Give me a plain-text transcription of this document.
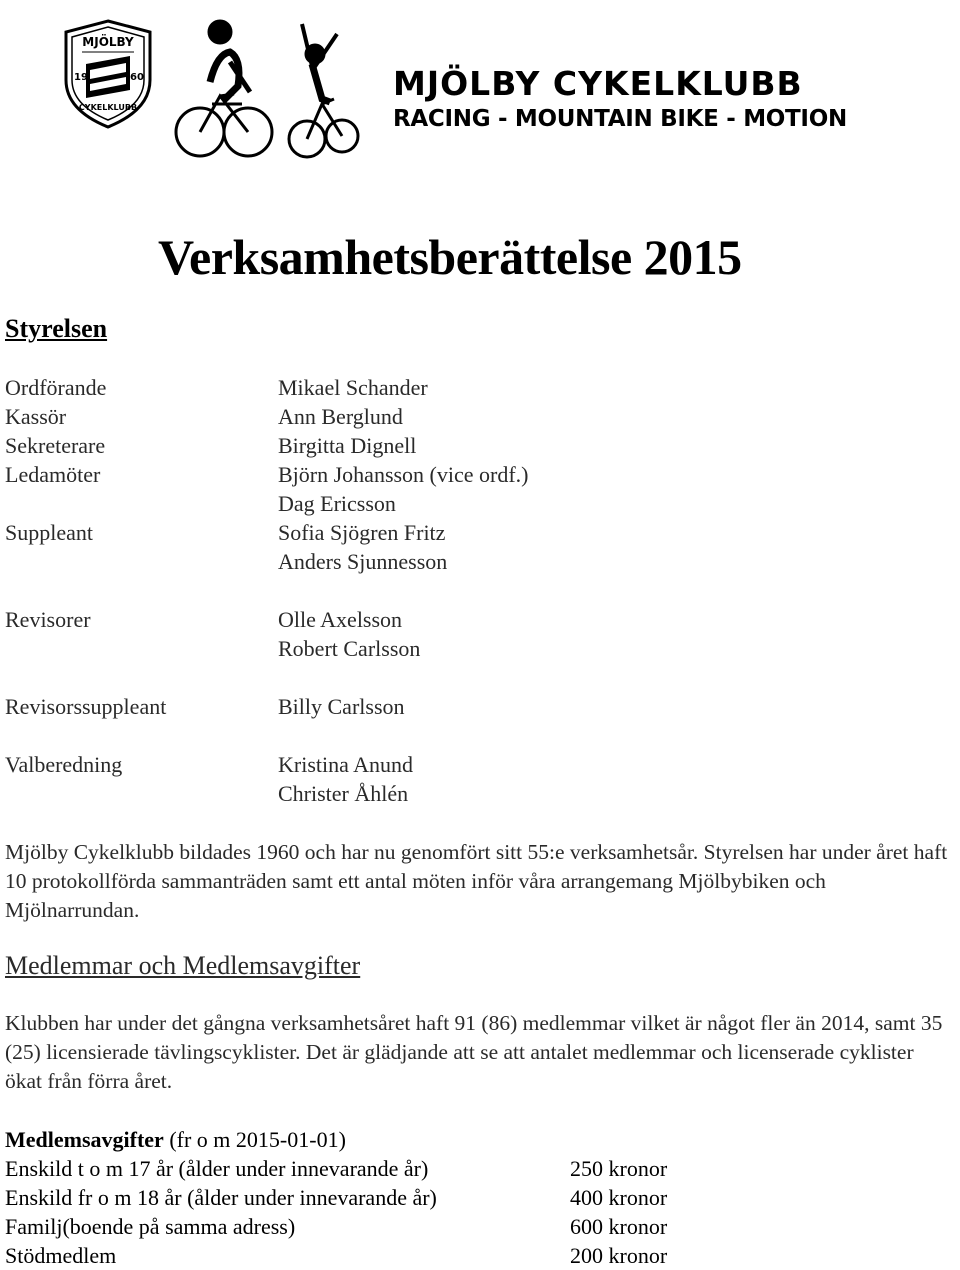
MJÖLBY
19	60
CYKELKLUBB
MJÖLBY CYKELKLUBB
RACING - MOUNTAIN BIKE - MOTION
Verksamhetsberättelse 2015
Styrelsen
Ordförande	Mikael Schander
Kassör	Ann Berglund
Sekreterare	Birgitta Dignell
Ledamöter	Björn Johansson (vice ordf.)
Dag Ericsson
Suppleant	Sofia Sjögren Fritz
Anders Sjunnesson
Revisorer	Olle Axelsson
Robert Carlsson
Revisorssuppleant	Billy Carlsson
Valberedning	Kristina Anund
Christer Åhlén
Mjölby Cykelklubb bildades 1960 och har nu genomfört sitt 55:e verksamhetsår. Styrelsen har under året haft 10 protokollförda sammanträden samt ett antal möten inför våra arrangemang Mjölbybiken och Mjölnarrundan.
Medlemmar och Medlemsavgifter
Klubben har under det gångna verksamhetsåret haft 91 (86) medlemmar vilket är något fler än 2014, samt 35 (25) licensierade tävlingscyklister. Det är glädjande att se att antalet medlemmar och licenserade cyklister ökat från förra året.
Medlemsavgifter (fr o m 2015-01-01)
Enskild t o m 17 år (ålder under innevarande år)	250 kronor
Enskild fr o m 18 år (ålder under innevarande år)	400 kronor
Familj(boende på samma adress)	600 kronor
Stödmedlem	200 kronor
